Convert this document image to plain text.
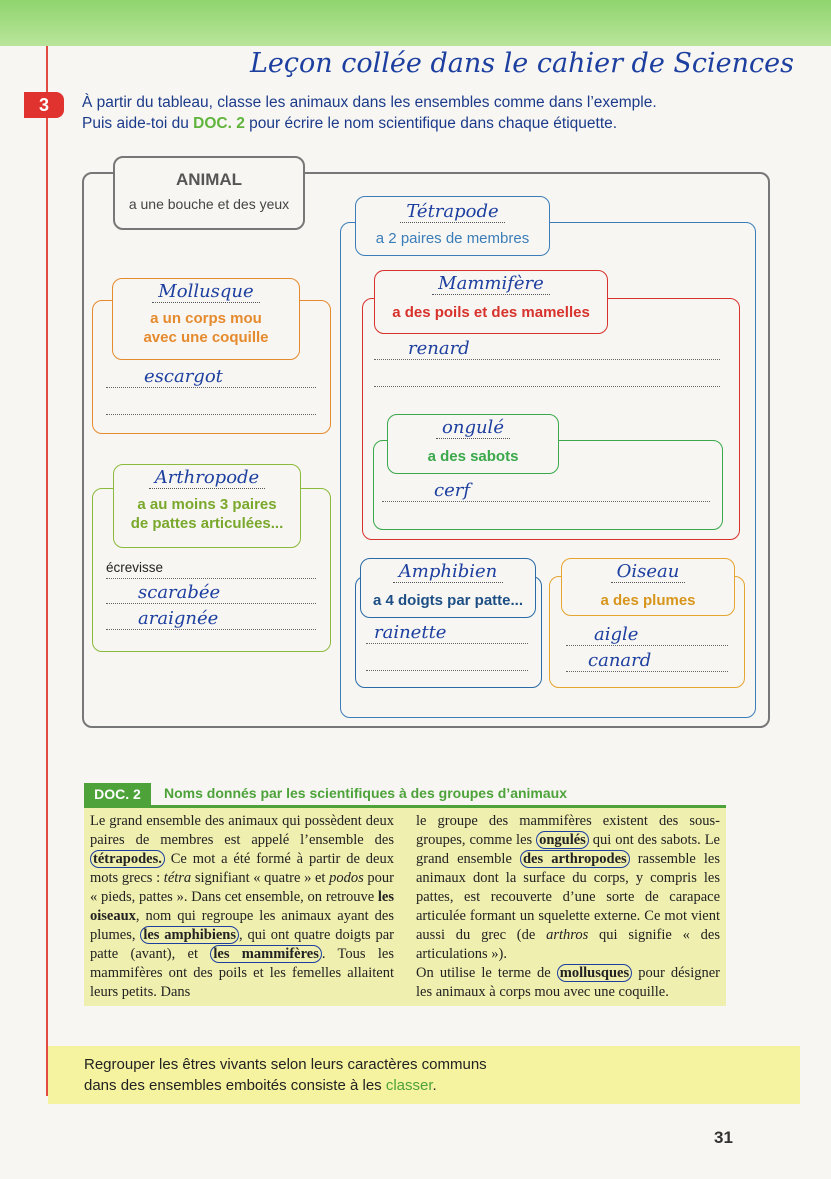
Leçon collée dans le cahier de Sciences
3	À partir du tableau, classe les animaux dans les ensembles comme dans l’exemple.
Puis aide-toi du DOC. 2 pour écrire le nom scientifique dans chaque étiquette.
ANIMAL
a une bouche et des yeux	Tétrapode
a 2 paires de membres
Mollusque
a un corps mou
avec une coquille
escargot
Arthropode
a au moins 3 paires
de pattes articulées...
écrevisse
scarabée
araignée
Mammifère
a des poils et des mamelles
renard
ongulé
a des sabots
cerf
Amphibien
a 4 doigts par patte...
rainette
Oiseau
a des plumes
aigle
canard
DOC. 2	Noms donnés par les scientifiques à des groupes d’animaux
Le grand ensemble des animaux qui possèdent deux paires de membres est appelé l’ensemble des tétrapodes. Ce mot a été formé à partir de deux mots grecs : tétra signifiant « quatre » et podos pour « pieds, pattes ». Dans cet ensemble, on retrouve les oiseaux, nom qui regroupe les animaux ayant des plumes, les amphibiens , qui ont quatre doigts par patte (avant), et les mammifères . Tous les mammifères ont des poils et les femelles allaitent leurs petits. Dans
le groupe des mammifères existent des sous-groupes, comme les ongulés qui ont des sabots. Le grand ensemble des arthropodes rassemble les animaux dont la surface du corps, y compris les pattes, est recouverte d’une sorte de carapace articulée formant un squelette externe. Ce mot vient aussi du grec (de arthros qui signifie « des articulations »).
On utilise le terme de mollusques pour désigner les animaux à corps mou avec une coquille.
Regrouper les êtres vivants selon leurs caractères communs
dans des ensembles emboités consiste à les classer.
31
